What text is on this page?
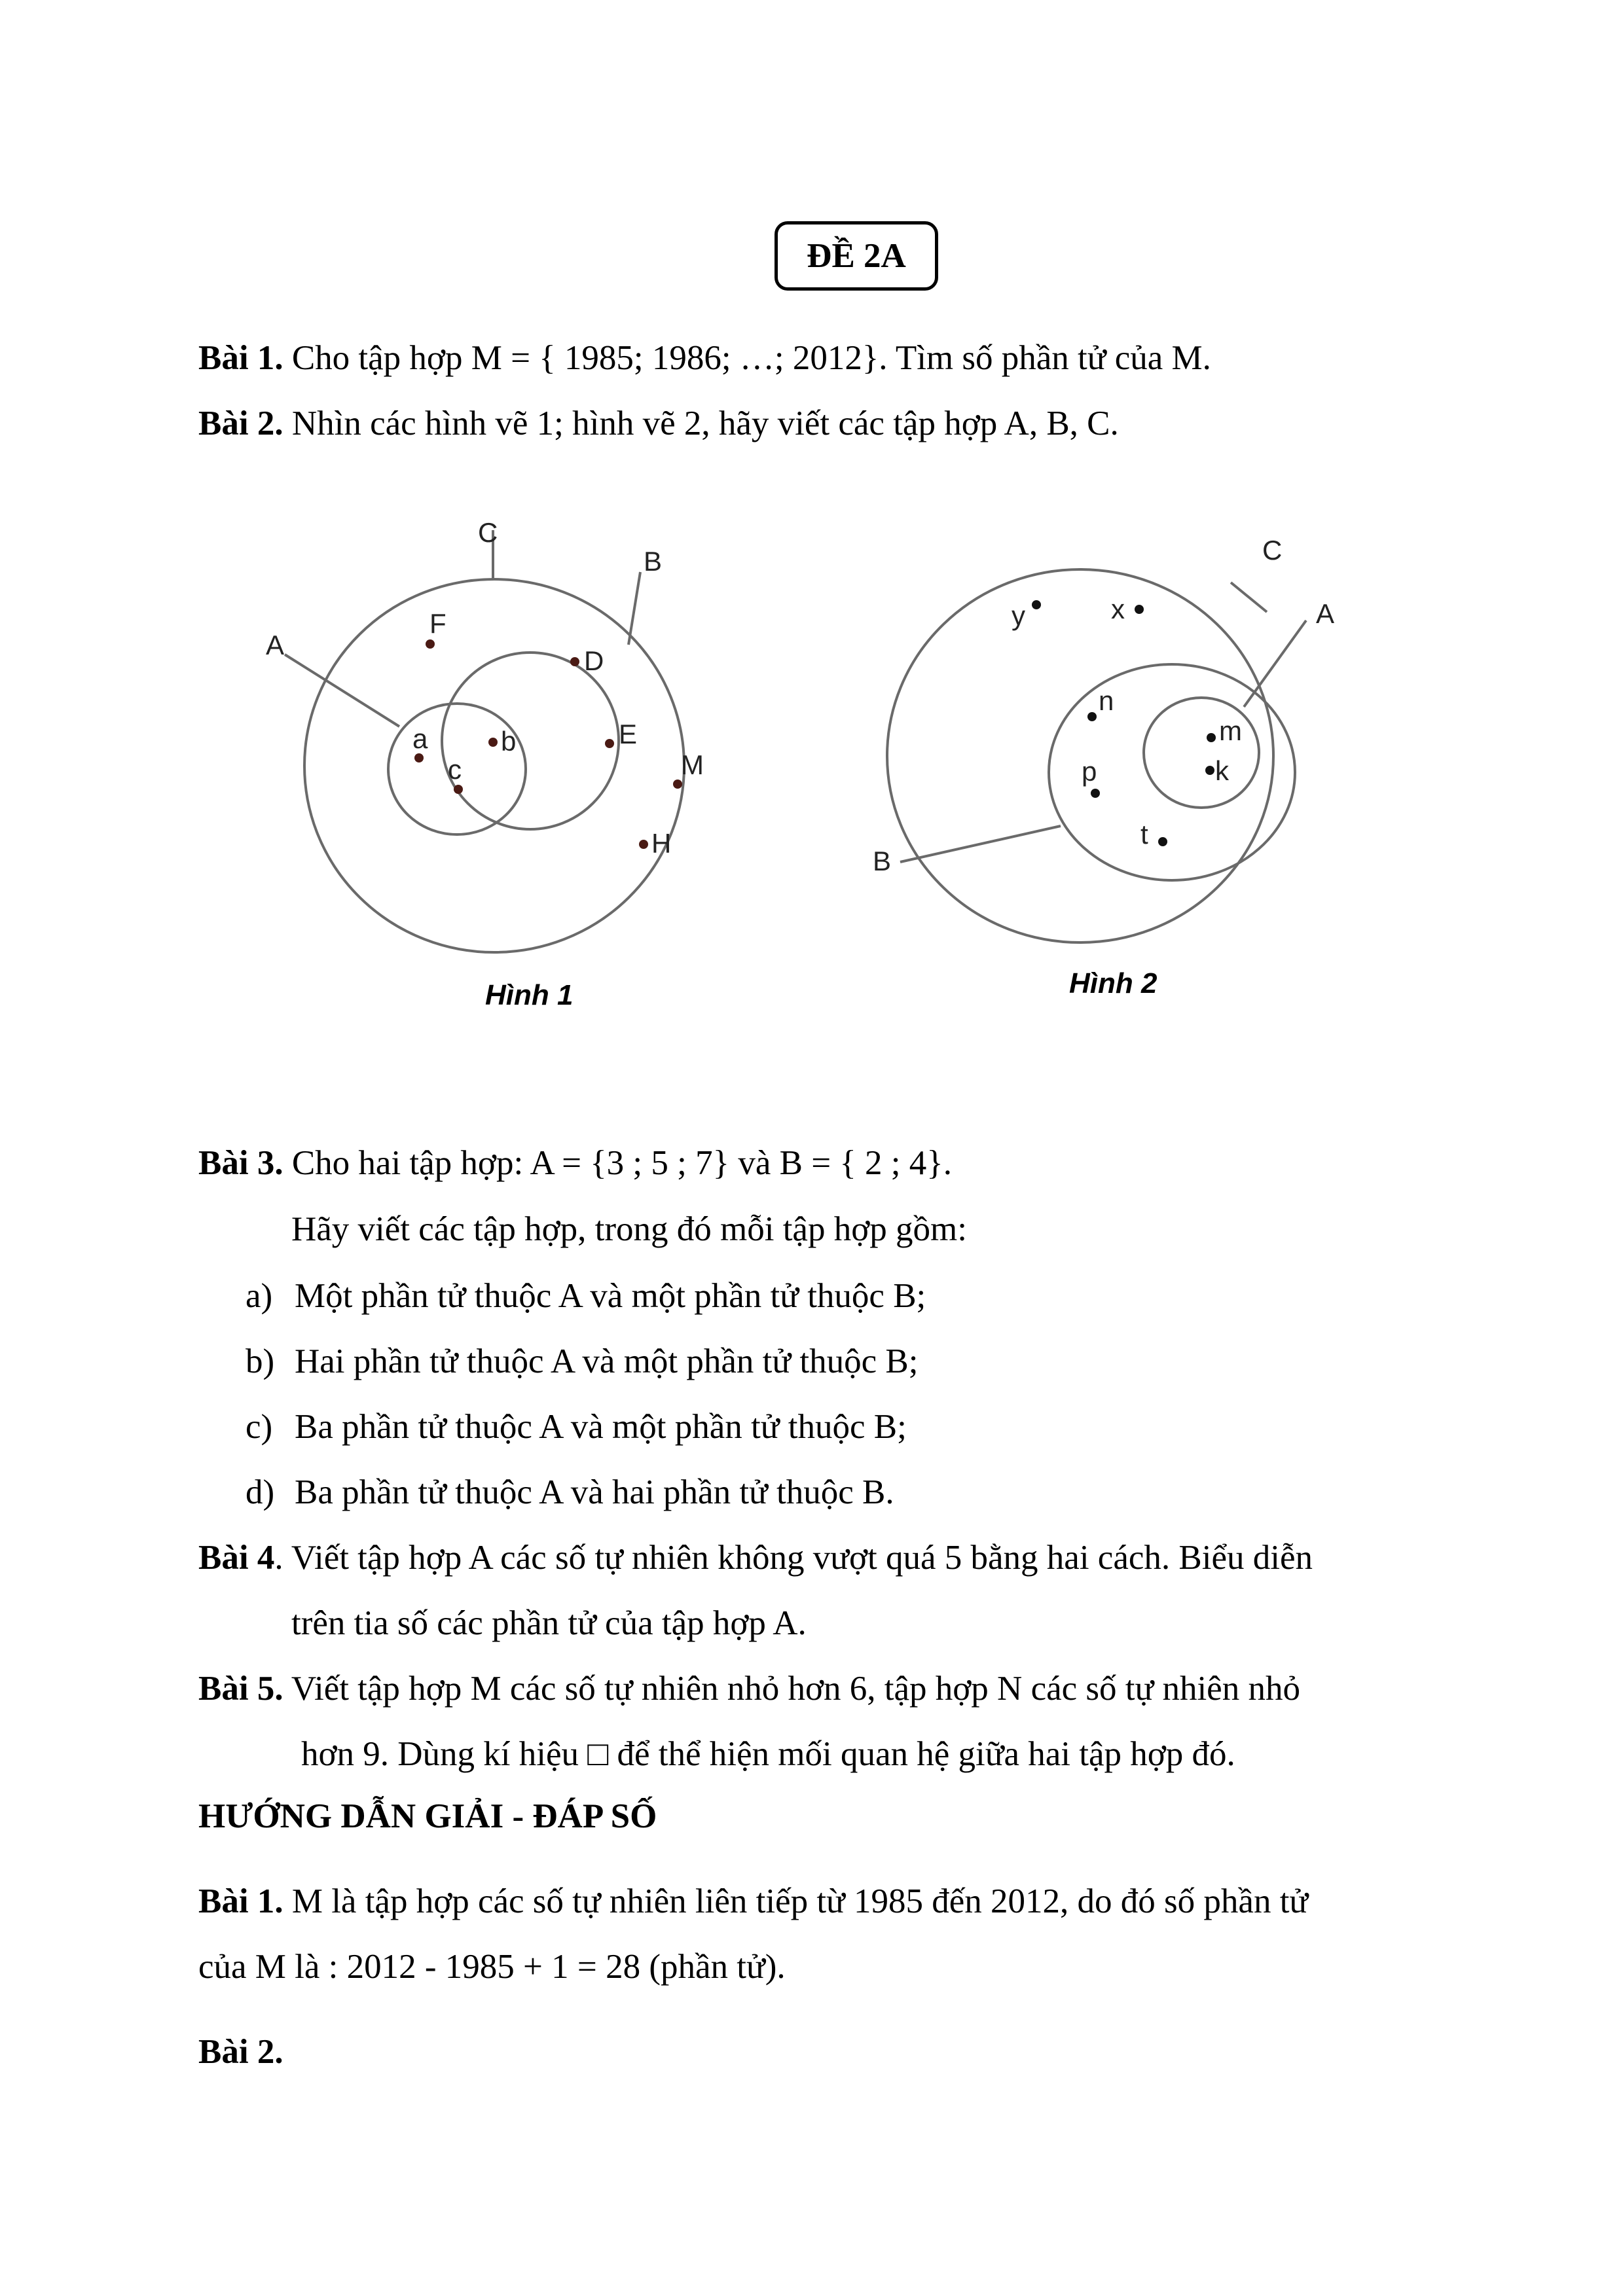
ĐỀ 2A
Bài 1. Cho tập hợp M = { 1985; 1986; …; 2012}. Tìm số phần tử của M.
Bài 2. Nhìn các hình vẽ 1; hình vẽ 2, hãy viết các tập hợp A, B, C.
C
B
A
F
D
a	b
c
E
M
H
Hình 1
C
A
B
y	x
n
p
t
m
k
Hình 2
Bài 3. Cho hai tập hợp: A = {3 ; 5 ; 7} và B = { 2 ; 4}.
Hãy viết các tập hợp, trong đó mỗi tập hợp gồm:
a) Một phần tử thuộc A và một phần tử thuộc B;
b) Hai phần tử thuộc A và một phần tử thuộc B;
c) Ba phần tử thuộc A và một phần tử thuộc B;
d) Ba phần tử thuộc A và hai phần tử thuộc B.
Bài 4. Viết tập hợp A các số tự nhiên không vượt quá 5 bằng hai cách. Biểu diễn
trên tia số các phần tử của tập hợp A.
Bài 5. Viết tập hợp M các số tự nhiên nhỏ hơn 6, tập hợp N các số tự nhiên nhỏ
hơn 9. Dùng kí hiệu □ để thể hiện mối quan hệ giữa hai tập hợp đó.
HƯỚNG DẪN GIẢI - ĐÁP SỐ
Bài 1. M là tập hợp các số tự nhiên liên tiếp từ 1985 đến 2012, do đó số phần tử
của M là : 2012 - 1985 + 1 = 28 (phần tử).
Bài 2.
